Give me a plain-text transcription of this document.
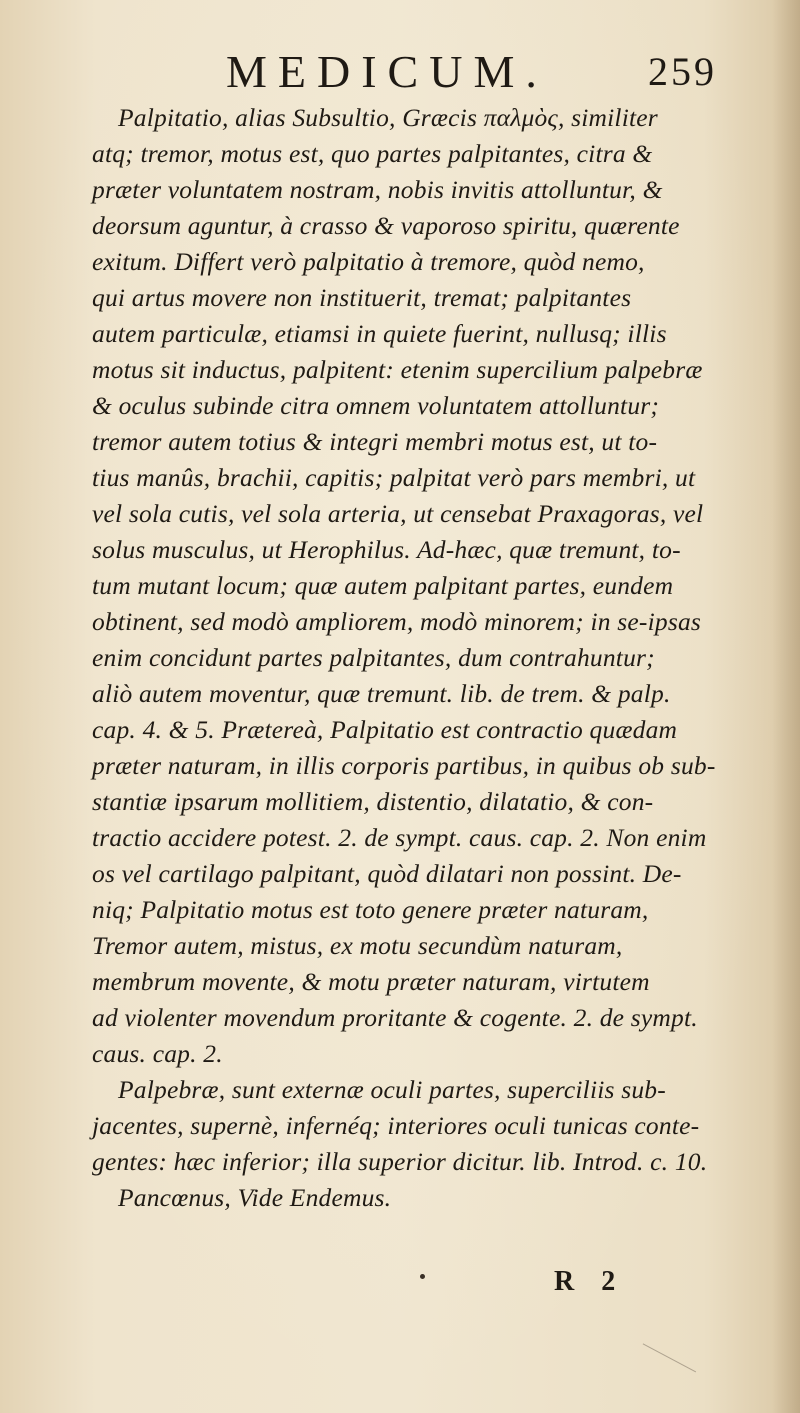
MEDICUM.	259
Palpitatio, alias Subsultio, Græcis παλμὸς, similiter
atq; tremor, motus est, quo partes palpitantes, citra &
præter voluntatem nostram, nobis invitis attolluntur, &
deorsum aguntur, à crasso & vaporoso spiritu, quærente
exitum. Differt verò palpitatio à tremore, quòd nemo,
qui artus movere non instituerit, tremat; palpitantes
autem particulæ, etiamsi in quiete fuerint, nullusq; illis
motus sit inductus, palpitent: etenim supercilium palpebræ
& oculus subinde citra omnem voluntatem attolluntur;
tremor autem totius & integri membri motus est, ut to-
tius manûs, brachii, capitis; palpitat verò pars membri, ut
vel sola cutis, vel sola arteria, ut censebat Praxagoras, vel
solus musculus, ut Herophilus. Ad-hæc, quæ tremunt, to-
tum mutant locum; quæ autem palpitant partes, eundem
obtinent, sed modò ampliorem, modò minorem; in se-ipsas
enim concidunt partes palpitantes, dum contrahuntur;
aliò autem moventur, quæ tremunt. lib. de trem. & palp.
cap. 4. & 5. Prætereà, Palpitatio est contractio quædam
præter naturam, in illis corporis partibus, in quibus ob sub-
stantiæ ipsarum mollitiem, distentio, dilatatio, & con-
tractio accidere potest. 2. de sympt. caus. cap. 2. Non enim
os vel cartilago palpitant, quòd dilatari non possint. De-
niq; Palpitatio motus est toto genere præter naturam,
Tremor autem, mistus, ex motu secundùm naturam,
membrum movente, & motu præter naturam, virtutem
ad violenter movendum proritante & cogente. 2. de sympt.
caus. cap. 2.
Palpebræ, sunt externæ oculi partes, superciliis sub-
jacentes, supernè, infernéq; interiores oculi tunicas conte-
gentes: hæc inferior; illa superior dicitur. lib. Introd. c. 10.
Pancœnus, Vide Endemus.
R 2
